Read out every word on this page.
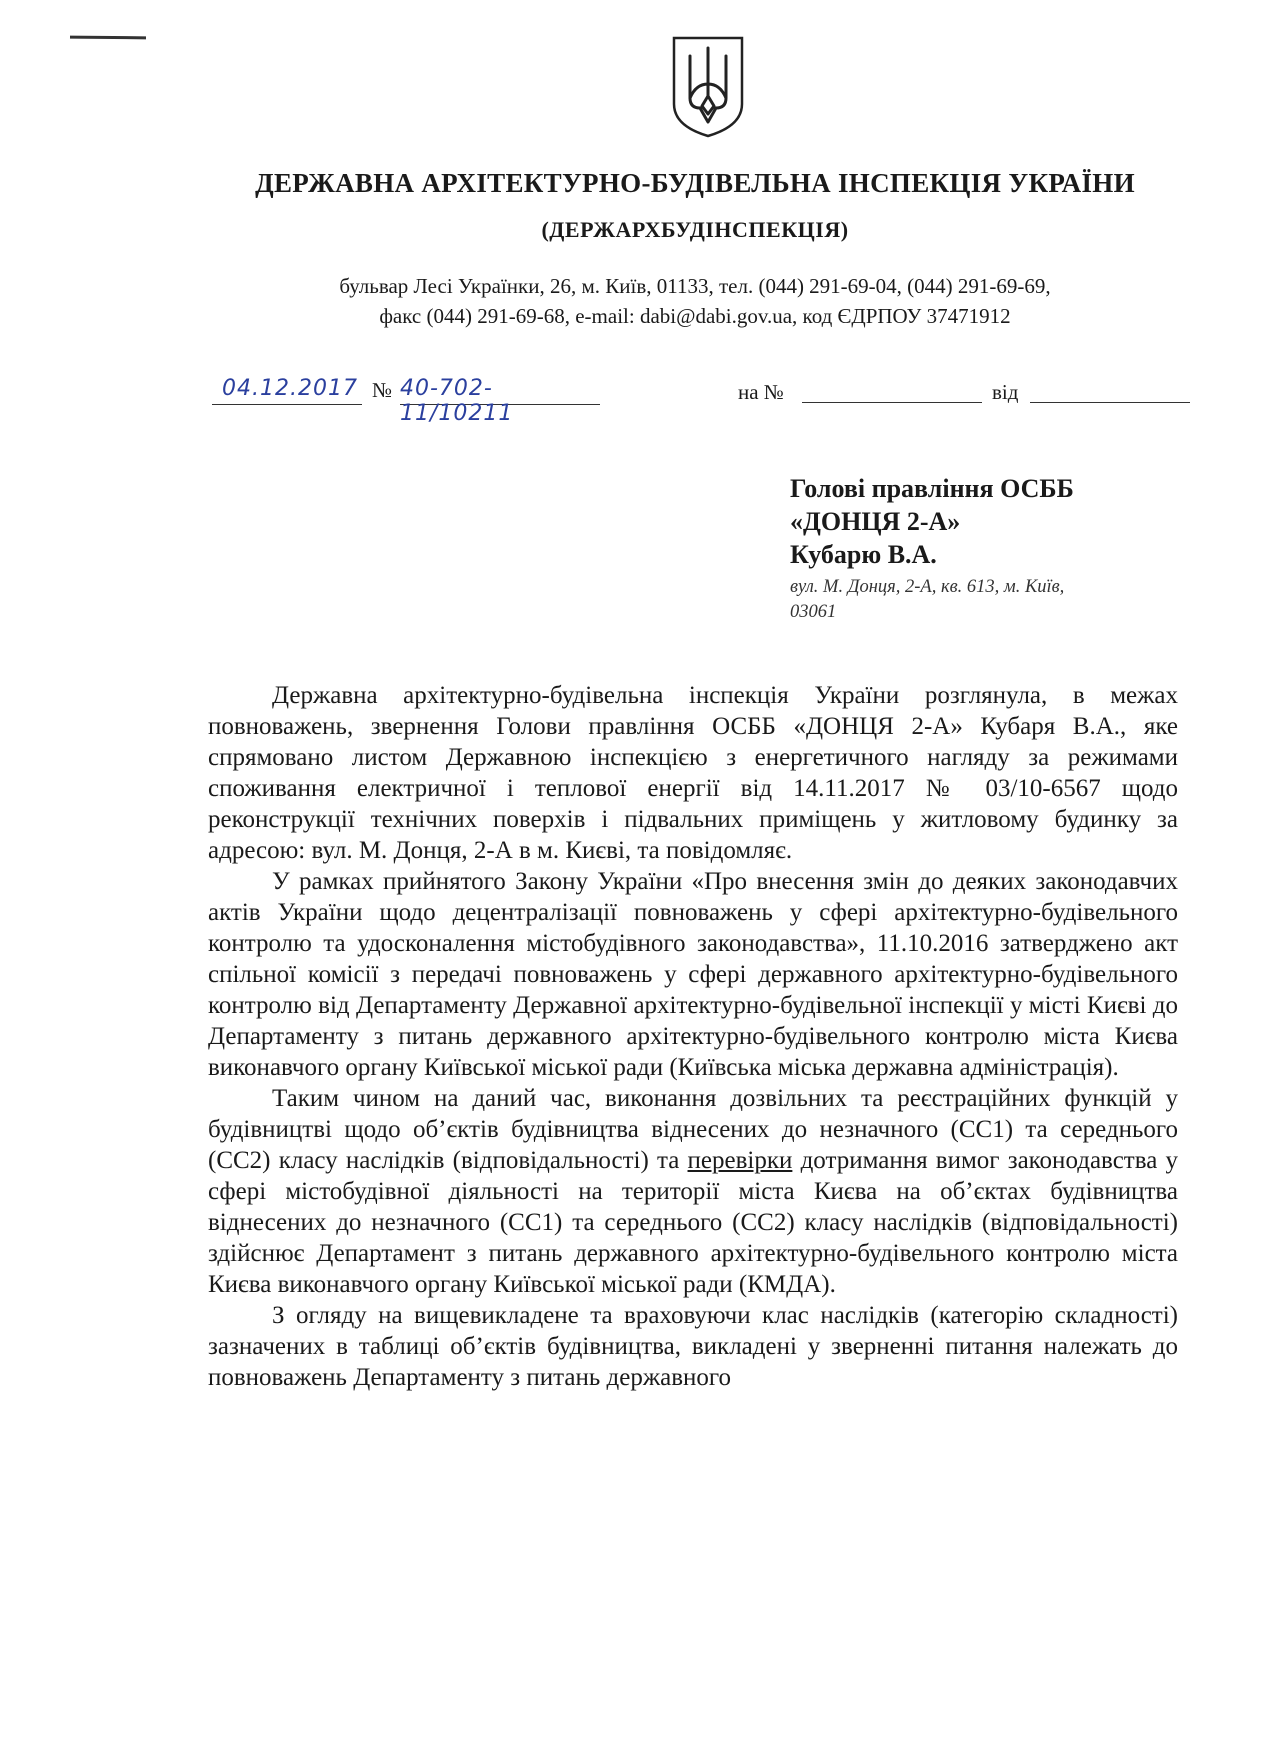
ДЕРЖАВНА АРХІТЕКТУРНО-БУДІВЕЛЬНА ІНСПЕКЦІЯ УКРАЇНИ
(ДЕРЖАРХБУДІНСПЕКЦІЯ)
бульвар Лесі Українки, 26, м. Київ, 01133, тел. (044) 291-69-04, (044) 291-69-69,
факс (044) 291-69-68, e-mail: dabi@dabi.gov.ua, код ЄДРПОУ 37471912
04.12.2017 № 40-702-11/10211
на №	від
Голові правління ОСББ
«ДОНЦЯ 2-А»
Кубарю В.А.
вул. М. Донця, 2-А, кв. 613, м. Київ,
03061

Державна архітектурно-будівельна інспекція України розглянула, в межах повноважень, звернення Голови правління ОСББ «ДОНЦЯ 2-А» Кубаря В.А., яке спрямовано листом Державною інспекцією з енергетичного нагляду за режимами споживання електричної і теплової енергії від 14.11.2017 № 03/10-6567 щодо реконструкції технічних поверхів і підвальних приміщень у житловому будинку за адресою: вул. М. Донця, 2-А в м. Києві, та повідомляє.

У рамках прийнятого Закону України «Про внесення змін до деяких законодавчих актів України щодо децентралізації повноважень у сфері архітектурно-будівельного контролю та удосконалення містобудівного законодавства», 11.10.2016 затверджено акт спільної комісії з передачі повноважень у сфері державного архітектурно-будівельного контролю від Департаменту Державної архітектурно-будівельної інспекції у місті Києві до Департаменту з питань державного архітектурно-будівельного контролю міста Києва виконавчого органу Київської міської ради (Київська міська державна адміністрація).

Таким чином на даний час, виконання дозвільних та реєстраційних функцій у будівництві щодо об’єктів будівництва віднесених до незначного (СС1) та середнього (СС2) класу наслідків (відповідальності) та перевірки дотримання вимог законодавства у сфері містобудівної діяльності на території міста Києва на об’єктах будівництва віднесених до незначного (СС1) та середнього (СС2) класу наслідків (відповідальності) здійснює Департамент з питань державного архітектурно-будівельного контролю міста Києва виконавчого органу Київської міської ради (КМДА).

З огляду на вищевикладене та враховуючи клас наслідків (категорію складності) зазначених в таблиці об’єктів будівництва, викладені у зверненні питання належать до повноважень Департаменту з питань державного
